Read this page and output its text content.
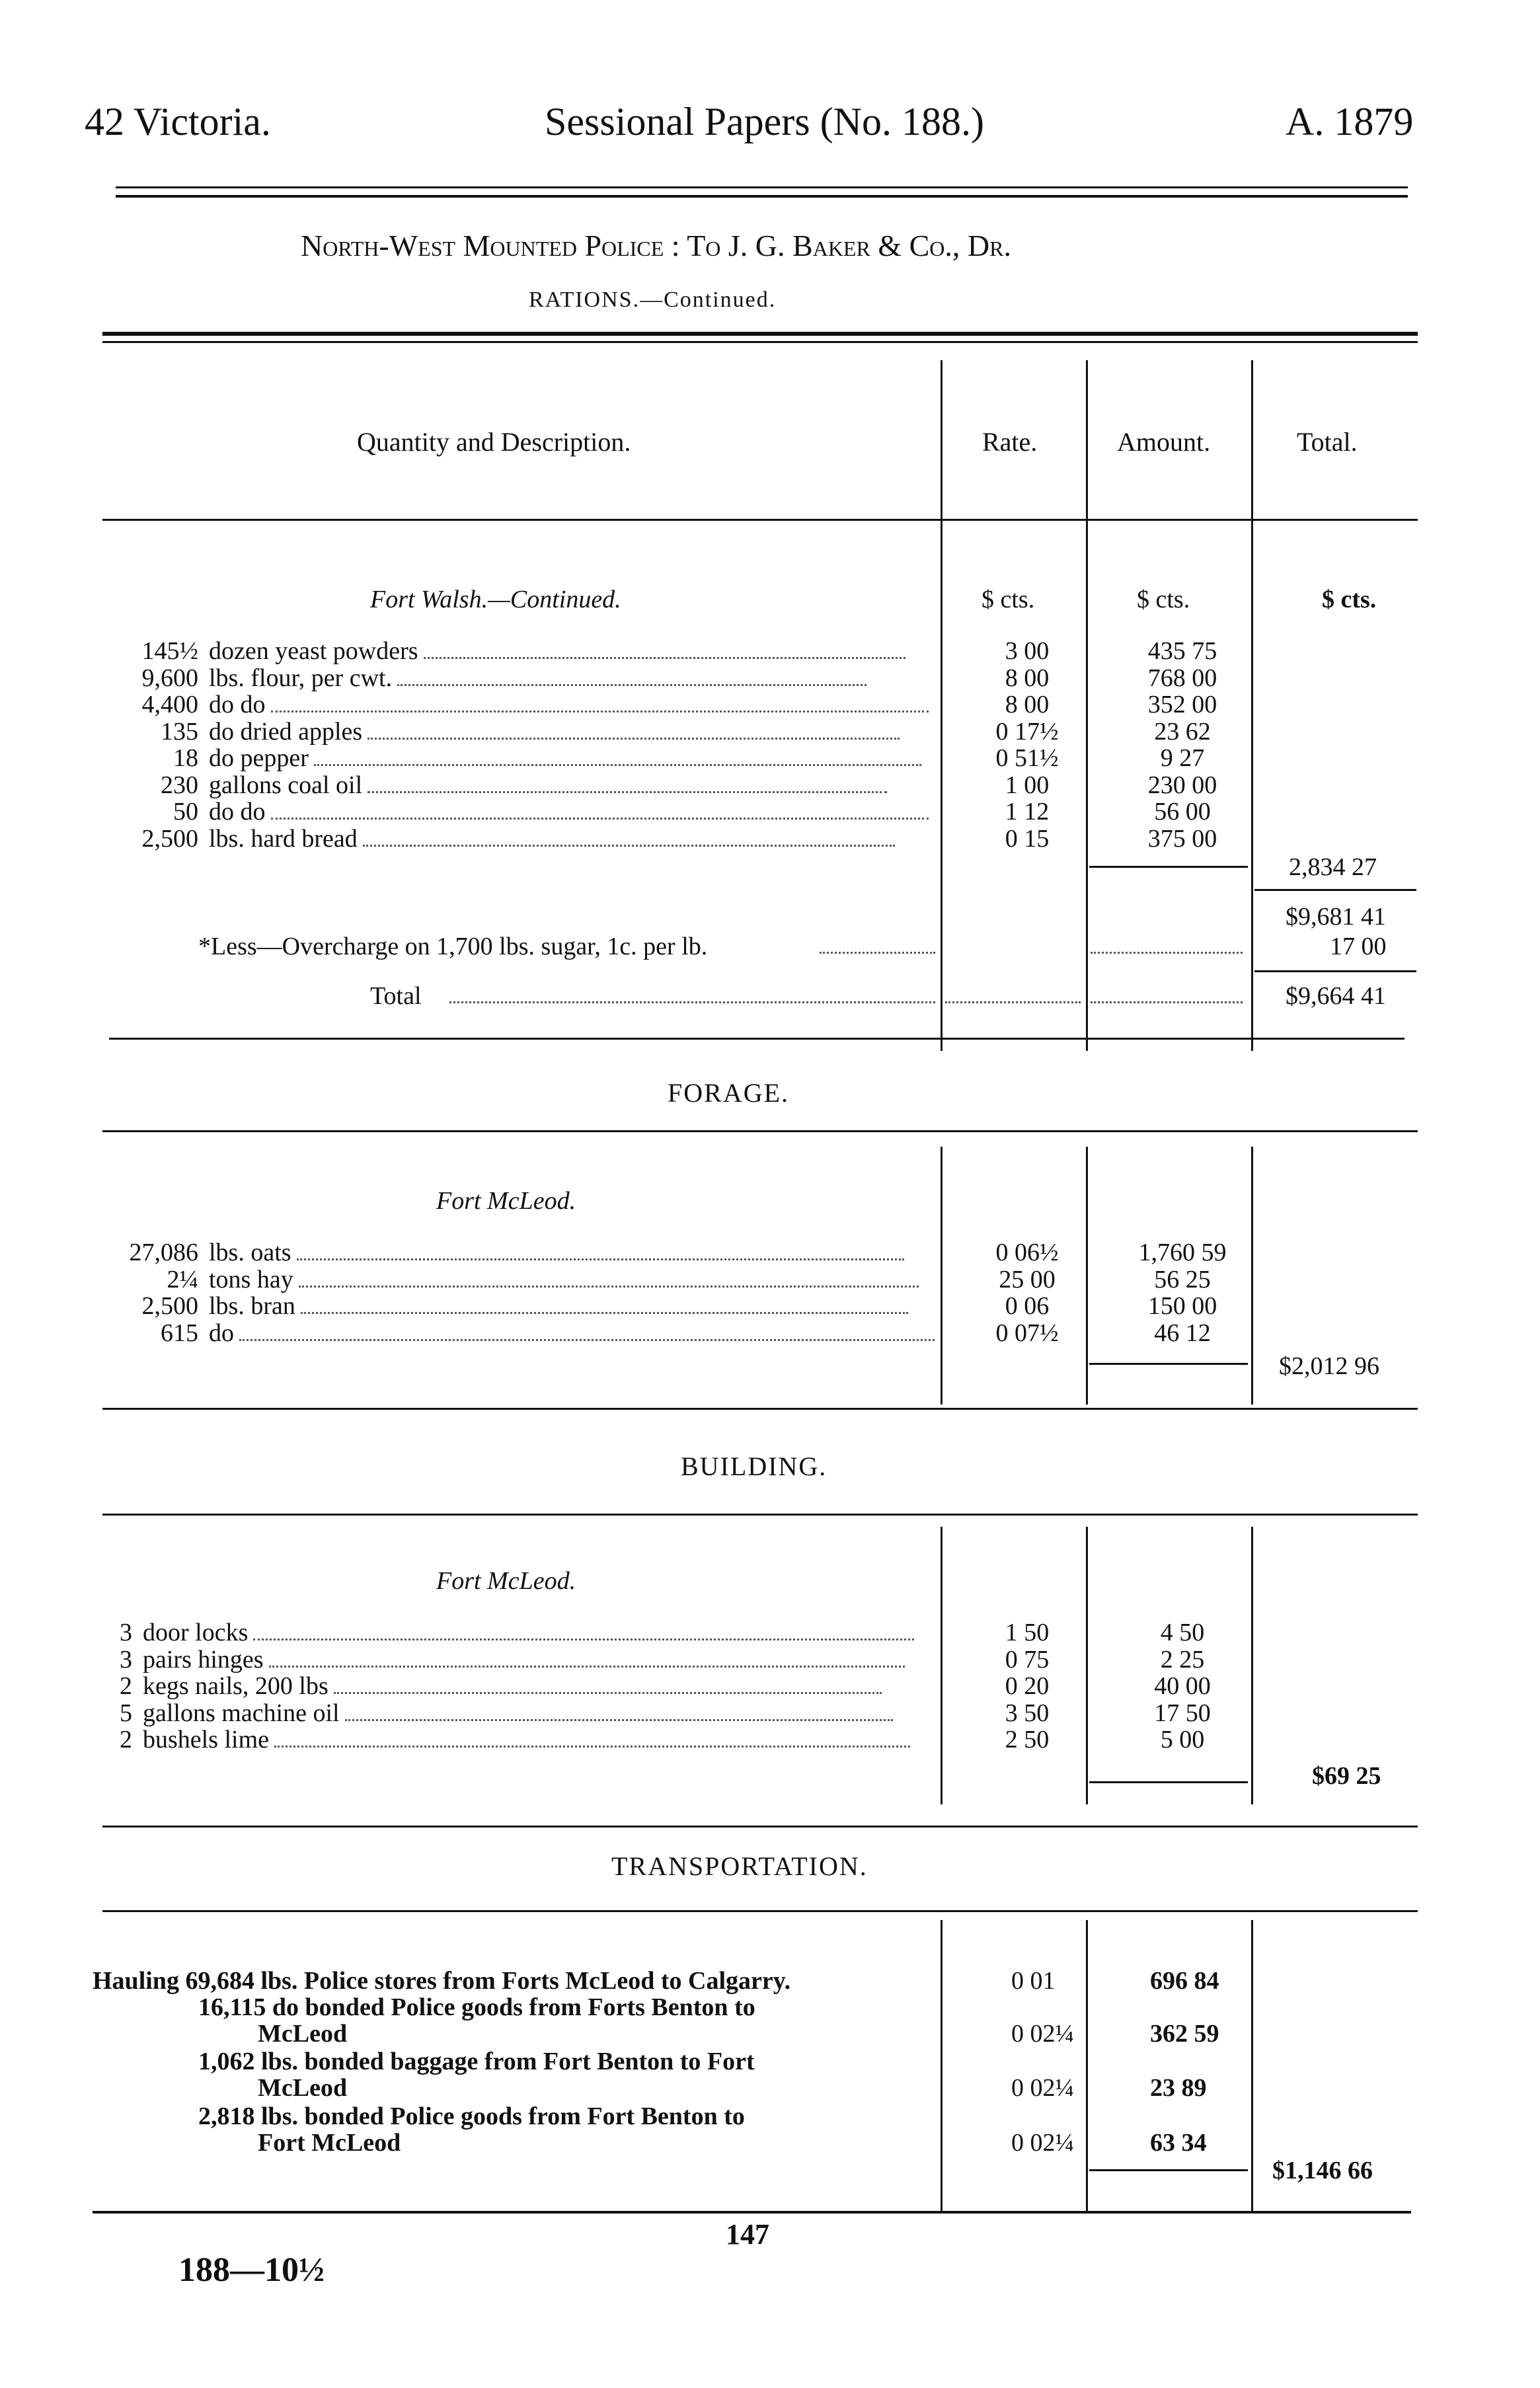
42 Victoria.	Sessional Papers (No. 188.)	A. 1879
North-West Mounted Police : To J. G. Baker & Co., Dr.
RATIONS.—Continued.
Quantity and Description.	Rate.	Amount.	Total.
Fort Walsh.—Continued.	$ cts.	$ cts.	$ cts.
145½	dozen yeast powders	3 00	435 75
9,600	lbs. flour, per cwt.	8 00	768 00
4,400	do do	8 00	352 00
135	do dried apples	0 17½	23 62
18	do pepper	0 51½	9 27
230	gallons coal oil	1 00	230 00
50	do do	1 12	56 00
2,500	lbs. hard bread	0 15	375 00
2,834 27
$9,681 41
*Less—Overcharge on 1,700 lbs. sugar, 1c. per lb.	17 00
Total	$9,664 41
FORAGE.
Fort McLeod.
27,086	lbs. oats	0 06½	1,760 59
2¼	tons hay	25 00	56 25
2,500	lbs. bran	0 06	150 00
615	do	0 07½	46 12
$2,012 96
BUILDING.
Fort McLeod.
3	door locks	1 50	4 50
3	pairs hinges	0 75	2 25
2	kegs nails, 200 lbs	0 20	40 00
5	gallons machine oil	3 50	17 50
2	bushels lime	2 50	5 00
$69 25
TRANSPORTATION.
Hauling 69,684 lbs. Police stores from Forts McLeod to Calgarry.	0 01	696 84
16,115 do bonded Police goods from Forts Benton to
McLeod	0 02¼	362 59
1,062 lbs. bonded baggage from Fort Benton to Fort
McLeod	0 02¼	23 89
2,818 lbs. bonded Police goods from Fort Benton to
Fort McLeod	0 02¼	63 34
$1,146 66
147
188—10½
